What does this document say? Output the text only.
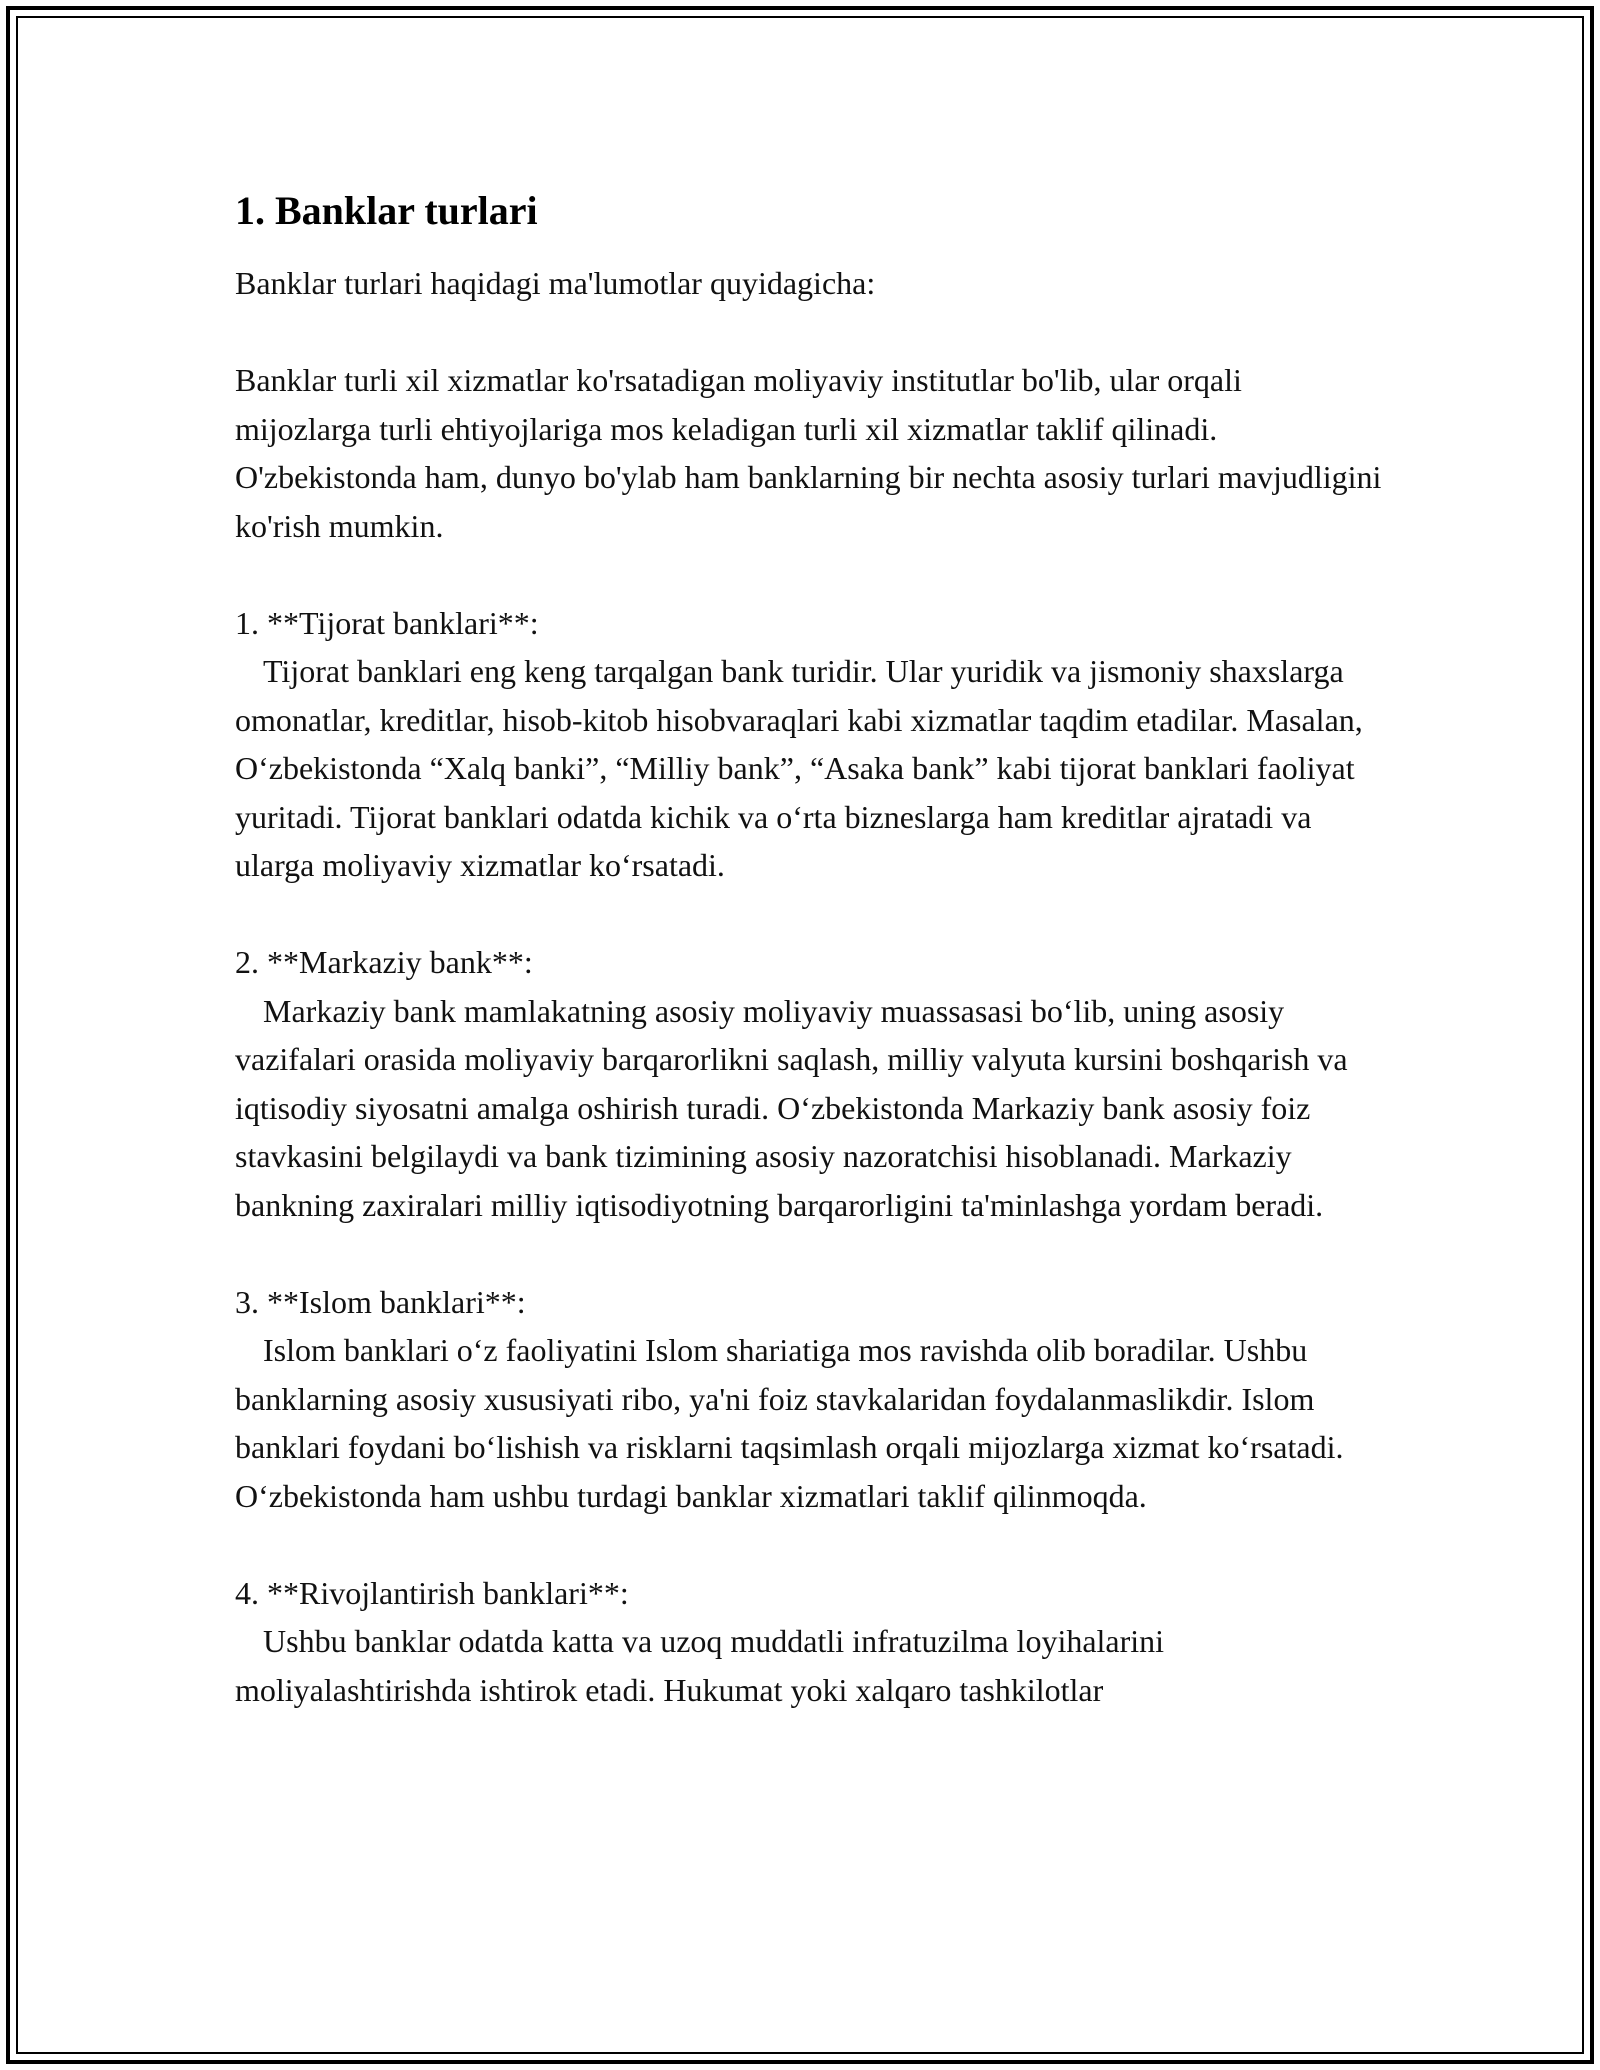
1. Banklar turlari

Banklar turlari haqidagi ma'lumotlar quyidagicha:

Banklar turli xil xizmatlar ko'rsatadigan moliyaviy institutlar bo'lib, ular orqali mijozlarga turli ehtiyojlariga mos keladigan turli xil xizmatlar taklif qilinadi. O'zbekistonda ham, dunyo bo'ylab ham banklarning bir nechta asosiy turlari mavjudligini ko'rish mumkin.

1. **Tijorat banklari**:

Tijorat banklari eng keng tarqalgan bank turidir. Ular yuridik va jismoniy shaxslarga omonatlar, kreditlar, hisob-kitob hisobvaraqlari kabi xizmatlar taqdim etadilar. Masalan, O‘zbekistonda “Xalq banki”, “Milliy bank”, “Asaka bank” kabi tijorat banklari faoliyat yuritadi. Tijorat banklari odatda kichik va o‘rta bizneslarga ham kreditlar ajratadi va ularga moliyaviy xizmatlar ko‘rsatadi.

2. **Markaziy bank**:

Markaziy bank mamlakatning asosiy moliyaviy muassasasi bo‘lib, uning asosiy vazifalari orasida moliyaviy barqarorlikni saqlash, milliy valyuta kursini boshqarish va iqtisodiy siyosatni amalga oshirish turadi. O‘zbekistonda Markaziy bank asosiy foiz stavkasini belgilaydi va bank tizimining asosiy nazoratchisi hisoblanadi. Markaziy bankning zaxiralari milliy iqtisodiyotning barqarorligini ta'minlashga yordam beradi.

3. **Islom banklari**:

Islom banklari o‘z faoliyatini Islom shariatiga mos ravishda olib boradilar. Ushbu banklarning asosiy xususiyati ribo, ya'ni foiz stavkalaridan foydalanmaslikdir. Islom banklari foydani bo‘lishish va risklarni taqsimlash orqali mijozlarga xizmat ko‘rsatadi. O‘zbekistonda ham ushbu turdagi banklar xizmatlari taklif qilinmoqda.

4. **Rivojlantirish banklari**:

Ushbu banklar odatda katta va uzoq muddatli infratuzilma loyihalarini moliyalashtirishda ishtirok etadi. Hukumat yoki xalqaro tashkilotlar
